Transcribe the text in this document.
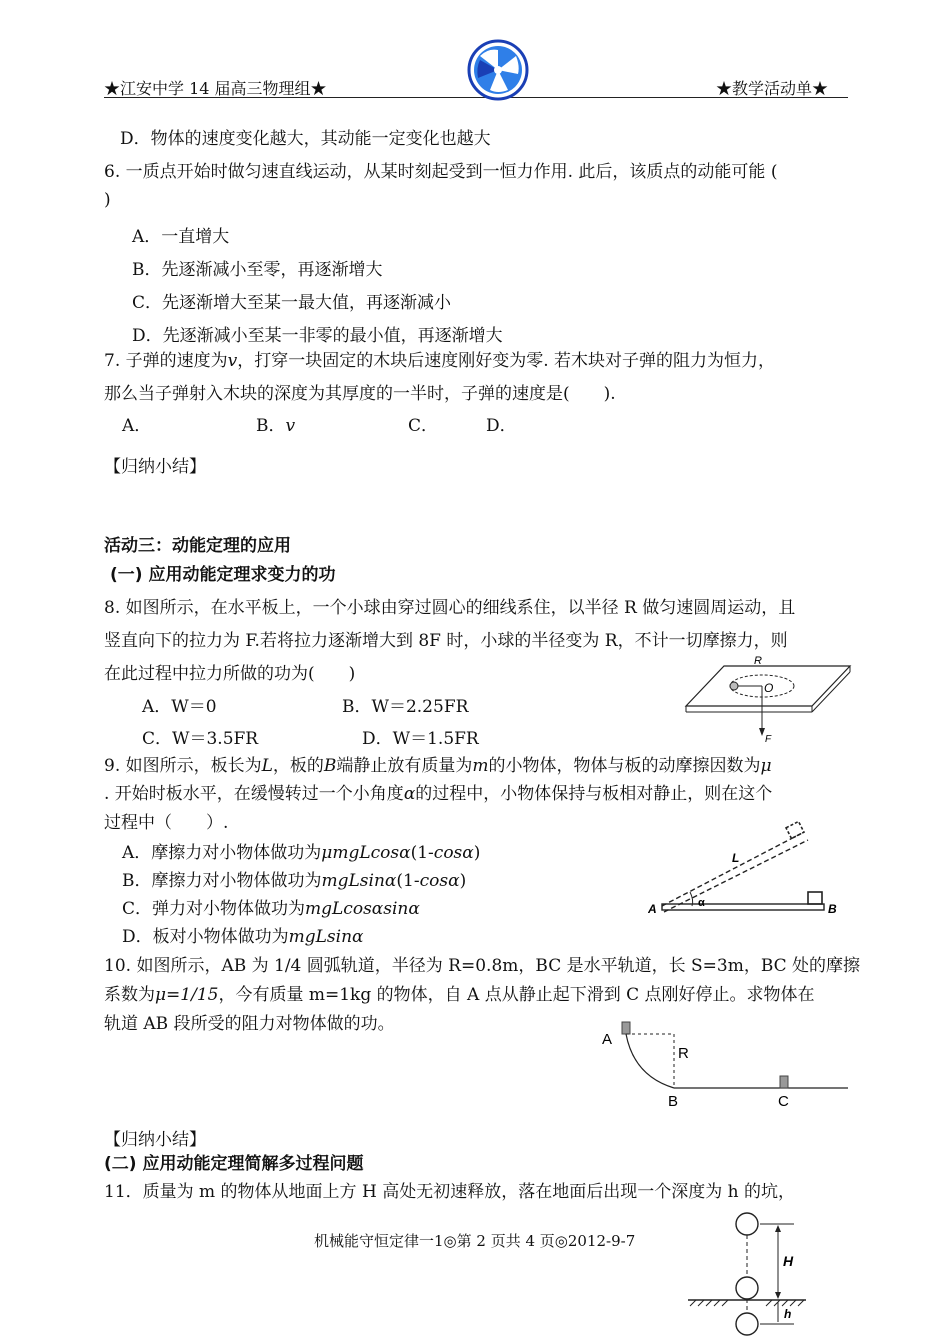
★江安中学 14 届高三物理组★	★教学活动单★
D．物体的速度变化越大，其动能一定变化也越大
6. 一质点开始时做匀速直线运动，从某时刻起受到一恒力作用. 此后，该质点的动能可能 (
)
A．一直增大
B．先逐渐减小至零，再逐渐增大
C．先逐渐增大至某一最大值，再逐渐减小
D．先逐渐减小至某一非零的最小值，再逐渐增大
7. 子弹的速度为v，打穿一块固定的木块后速度刚好变为零. 若木块对子弹的阻力为恒力，
那么当子弹射入木块的深度为其厚度的一半时，子弹的速度是(　　).
A．	B．v	C．	D．
【归纳小结】
活动三：动能定理的应用
(一) 应用动能定理求变力的功
8. 如图所示，在水平板上，一个小球由穿过圆心的细线系住，以半径 R 做匀速圆周运动，且
竖直向下的拉力为 F.若将拉力逐渐增大到 8F 时，小球的半径变为 R，不计一切摩擦力，则
在此过程中拉力所做的功为(　　)
A．W＝0	B．W＝2.25FR
C．W＝3.5FR	D．W＝1.5FR
R
O
F
9. 如图所示，板长为L，板的B端静止放有质量为m的小物体，物体与板的动摩擦因数为μ
. 开始时板水平，在缓慢转过一个小角度α的过程中，小物体保持与板相对静止，则在这个
过程中（　　）.
A．摩擦力对小物体做功为μmgLcosα(1-cosα)
B．摩擦力对小物体做功为mgLsinα(1-cosα)
C．弹力对小物体做功为mgLcosαsinα
D．板对小物体做功为mgLsinα
A	B
L
α
10. 如图所示，AB 为 1/4 圆弧轨道，半径为 R=0.8m，BC 是水平轨道，长 S=3m，BC 处的摩擦
系数为μ=1/15，今有质量 m=1kg 的物体，自 A 点从静止起下滑到 C 点刚好停止。求物体在
轨道 AB 段所受的阻力对物体做的功。
A
R
B	C
【归纳小结】
(二) 应用动能定理简解多过程问题
11．质量为 m 的物体从地面上方 H 高处无初速释放，落在地面后出现一个深度为 h 的坑，
机械能守恒定律一1◎第 2 页共 4 页◎2012-9-7
H
h
